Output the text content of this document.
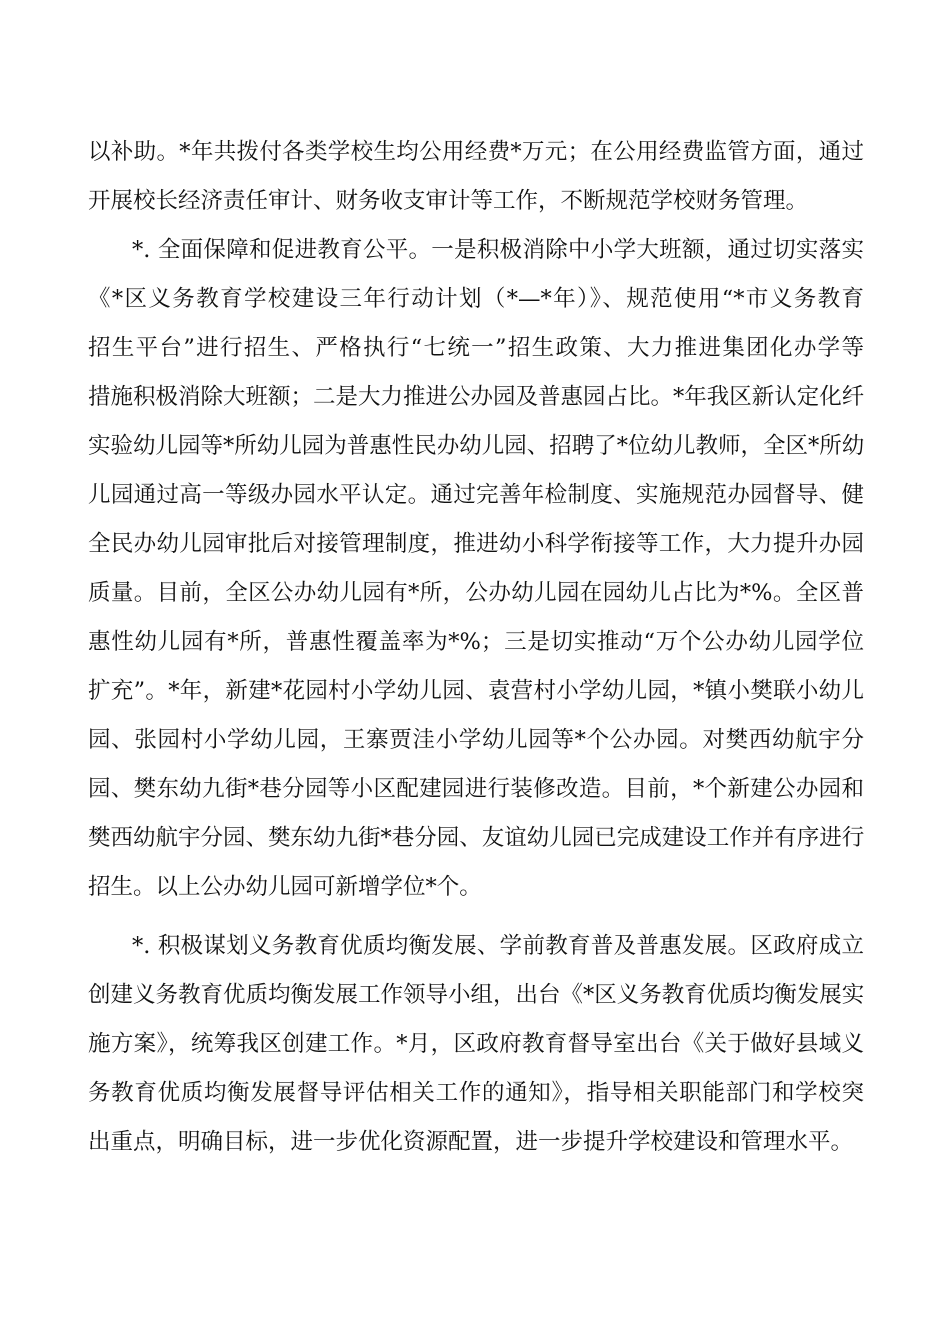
以补助。*年共拨付各类学校生均公用经费*万元；在公用经费监管方面，通过
开展校长经济责任审计、财务收支审计等工作，不断规范学校财务管理。
*. 全面保障和促进教育公平。一是积极消除中小学大班额，通过切实落实
《*区义务教育学校建设三年行动计划（*—*年）》、规范使用“*市义务教育
招生平台”进行招生、严格执行“七统一”招生政策、大力推进集团化办学等
措施积极消除大班额；二是大力推进公办园及普惠园占比。*年我区新认定化纤
实验幼儿园等*所幼儿园为普惠性民办幼儿园、招聘了*位幼儿教师，全区*所幼
儿园通过高一等级办园水平认定。通过完善年检制度、实施规范办园督导、健
全民办幼儿园审批后对接管理制度，推进幼小科学衔接等工作，大力提升办园
质量。目前，全区公办幼儿园有*所，公办幼儿园在园幼儿占比为*%。全区普
惠性幼儿园有*所，普惠性覆盖率为*%；三是切实推动“万个公办幼儿园学位
扩充”。*年，新建*花园村小学幼儿园、袁营村小学幼儿园，*镇小樊联小幼儿
园、张园村小学幼儿园，王寨贾洼小学幼儿园等*个公办园。对樊西幼航宇分
园、樊东幼九街*巷分园等小区配建园进行装修改造。目前，*个新建公办园和
樊西幼航宇分园、樊东幼九街*巷分园、友谊幼儿园已完成建设工作并有序进行
招生。以上公办幼儿园可新增学位*个。
*. 积极谋划义务教育优质均衡发展、学前教育普及普惠发展。区政府成立
创建义务教育优质均衡发展工作领导小组，出台《*区义务教育优质均衡发展实
施方案》，统筹我区创建工作。*月，区政府教育督导室出台《关于做好县域义
务教育优质均衡发展督导评估相关工作的通知》，指导相关职能部门和学校突
出重点，明确目标，进一步优化资源配置，进一步提升学校建设和管理水平。
